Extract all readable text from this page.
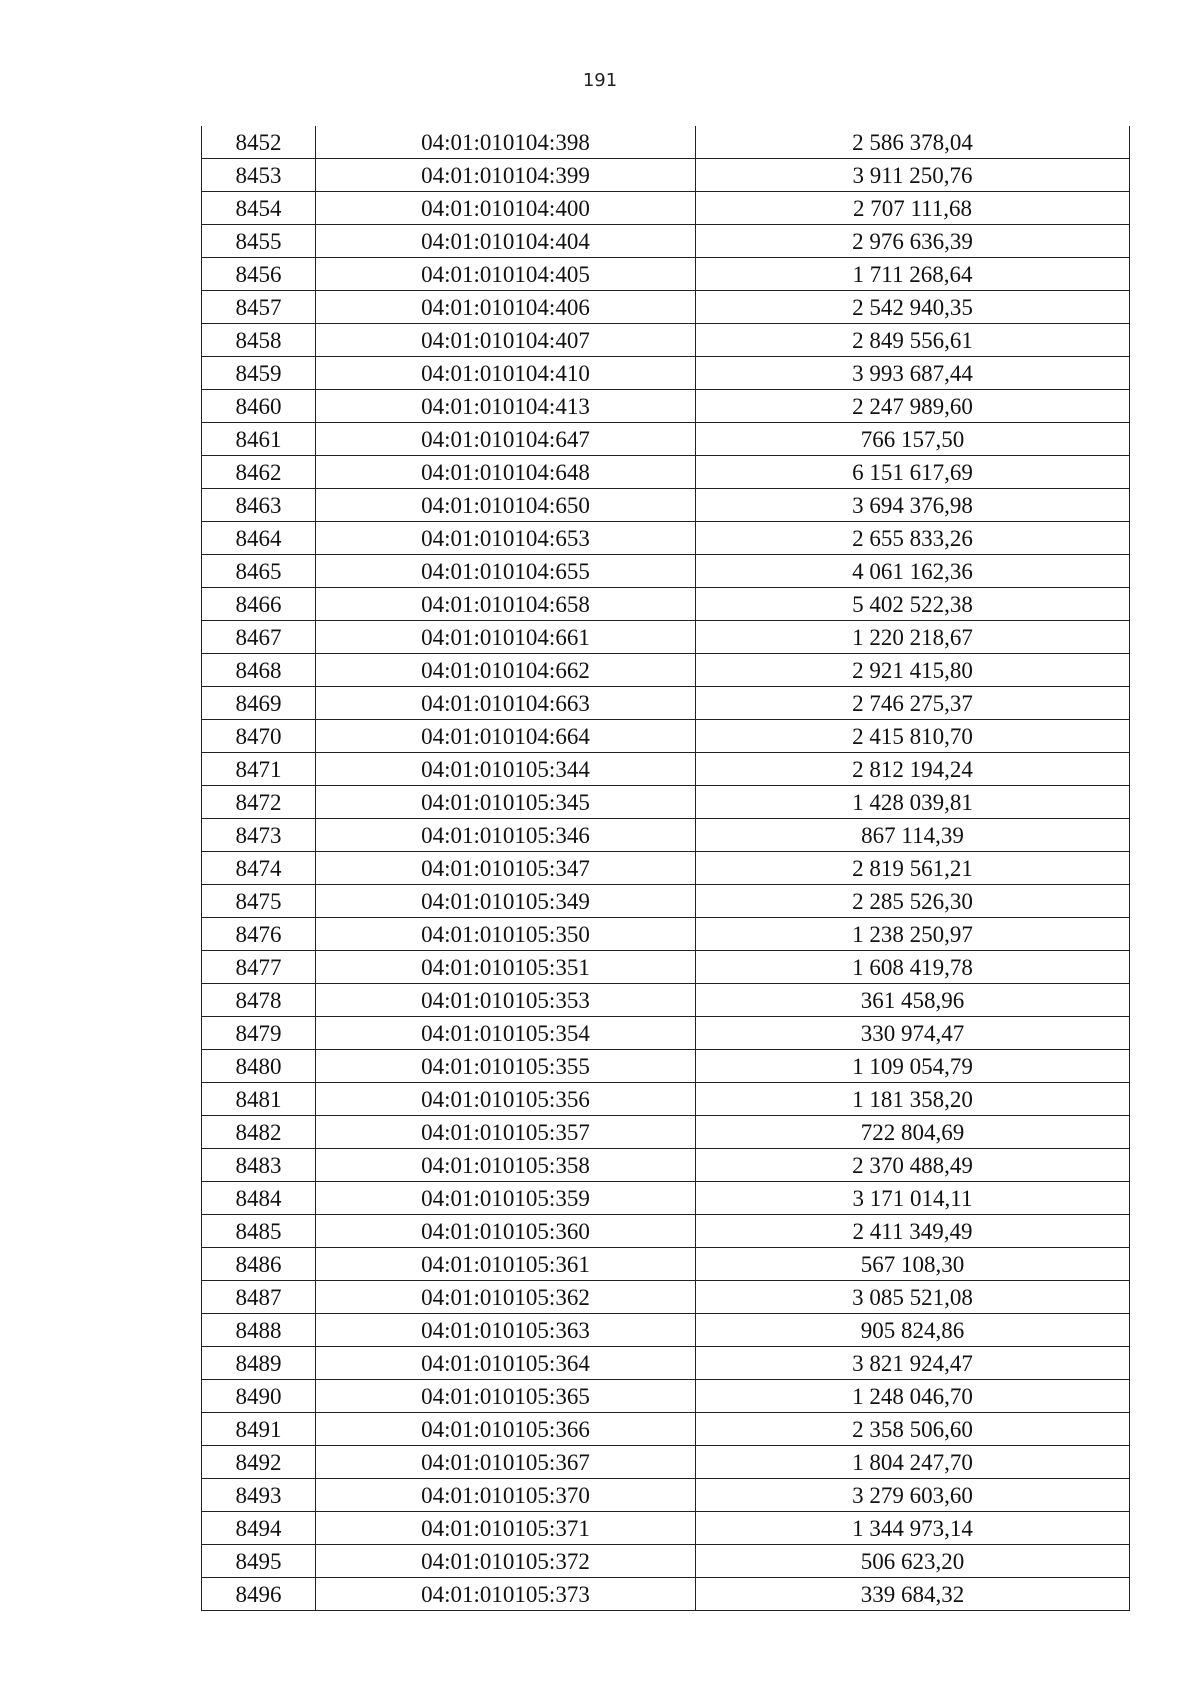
191
8452	04:01:010104:398	2 586 378,04
8453	04:01:010104:399	3 911 250,76
8454	04:01:010104:400	2 707 111,68
8455	04:01:010104:404	2 976 636,39
8456	04:01:010104:405	1 711 268,64
8457	04:01:010104:406	2 542 940,35
8458	04:01:010104:407	2 849 556,61
8459	04:01:010104:410	3 993 687,44
8460	04:01:010104:413	2 247 989,60
8461	04:01:010104:647	766 157,50
8462	04:01:010104:648	6 151 617,69
8463	04:01:010104:650	3 694 376,98
8464	04:01:010104:653	2 655 833,26
8465	04:01:010104:655	4 061 162,36
8466	04:01:010104:658	5 402 522,38
8467	04:01:010104:661	1 220 218,67
8468	04:01:010104:662	2 921 415,80
8469	04:01:010104:663	2 746 275,37
8470	04:01:010104:664	2 415 810,70
8471	04:01:010105:344	2 812 194,24
8472	04:01:010105:345	1 428 039,81
8473	04:01:010105:346	867 114,39
8474	04:01:010105:347	2 819 561,21
8475	04:01:010105:349	2 285 526,30
8476	04:01:010105:350	1 238 250,97
8477	04:01:010105:351	1 608 419,78
8478	04:01:010105:353	361 458,96
8479	04:01:010105:354	330 974,47
8480	04:01:010105:355	1 109 054,79
8481	04:01:010105:356	1 181 358,20
8482	04:01:010105:357	722 804,69
8483	04:01:010105:358	2 370 488,49
8484	04:01:010105:359	3 171 014,11
8485	04:01:010105:360	2 411 349,49
8486	04:01:010105:361	567 108,30
8487	04:01:010105:362	3 085 521,08
8488	04:01:010105:363	905 824,86
8489	04:01:010105:364	3 821 924,47
8490	04:01:010105:365	1 248 046,70
8491	04:01:010105:366	2 358 506,60
8492	04:01:010105:367	1 804 247,70
8493	04:01:010105:370	3 279 603,60
8494	04:01:010105:371	1 344 973,14
8495	04:01:010105:372	506 623,20
8496	04:01:010105:373	339 684,32
